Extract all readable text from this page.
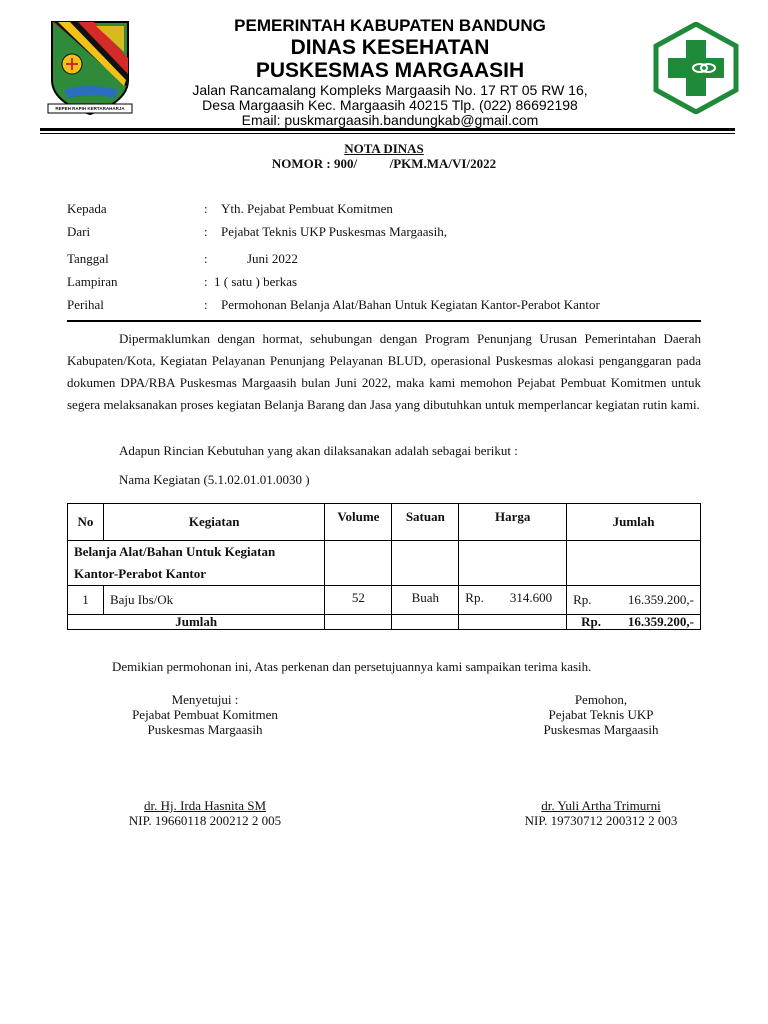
REPEH RAPIH KERTARAHARJA
PEMERINTAH KABUPATEN BANDUNG
DINAS KESEHATAN
PUSKESMAS MARGAASIH
Jalan Rancamalang Kompleks Margaasih No. 17 RT 05 RW 16,
Desa Margaasih Kec. Margaasih 40215 Tlp. (022) 86692198
Email: puskmargaasih.bandungkab@gmail.com
NOTA DINAS
NOMOR : 900/          /PKM.MA/VI/2022
Kepada	: Yth. Pejabat Pembuat Komitmen
Dari	: Pejabat Teknis UKP Puskesmas Margaasih,
Tanggal	: Juni 2022
Lampiran	: 1 ( satu ) berkas
Perihal	: Permohonan Belanja Alat/Bahan Untuk Kegiatan Kantor-Perabot Kantor
Dipermaklumkan dengan hormat, sehubungan dengan Program Penunjang Urusan Pemerintahan Daerah Kabupaten/Kota, Kegiatan Pelayanan Penunjang Pelayanan BLUD, operasional Puskesmas alokasi penganggaran pada dokumen DPA/RBA Puskesmas Margaasih bulan Juni 2022, maka kami memohon Pejabat Pembuat Komitmen untuk segera melaksanakan proses kegiatan Belanja Barang dan Jasa yang dibutuhkan untuk memperlancar kegiatan rutin kami.
Adapun Rincian Kebutuhan yang akan dilaksanakan adalah sebagai berikut :
Nama Kegiatan (5.1.02.01.01.0030 )
No	Kegiatan	Volume	Satuan	Harga	Jumlah
Belanja Alat/Bahan Untuk Kegiatan Kantor-Perabot Kantor					
1	Baju Ibs/Ok	52	Buah	Rp. 314.600	Rp. 16.359.200,-

Jumlah					Rp. 16.359.200,-
Demikian permohonan ini, Atas perkenan dan persetujuannya kami sampaikan terima kasih.
Menyetujui :
Pejabat Pembuat Komitmen
Puskesmas Margaasih
dr. Hj. Irda Hasnita SM
NIP. 19660118 200212 2 005
Pemohon,
Pejabat Teknis UKP
Puskesmas Margaasih
dr. Yuli Artha Trimurni
NIP. 19730712 200312 2 003
